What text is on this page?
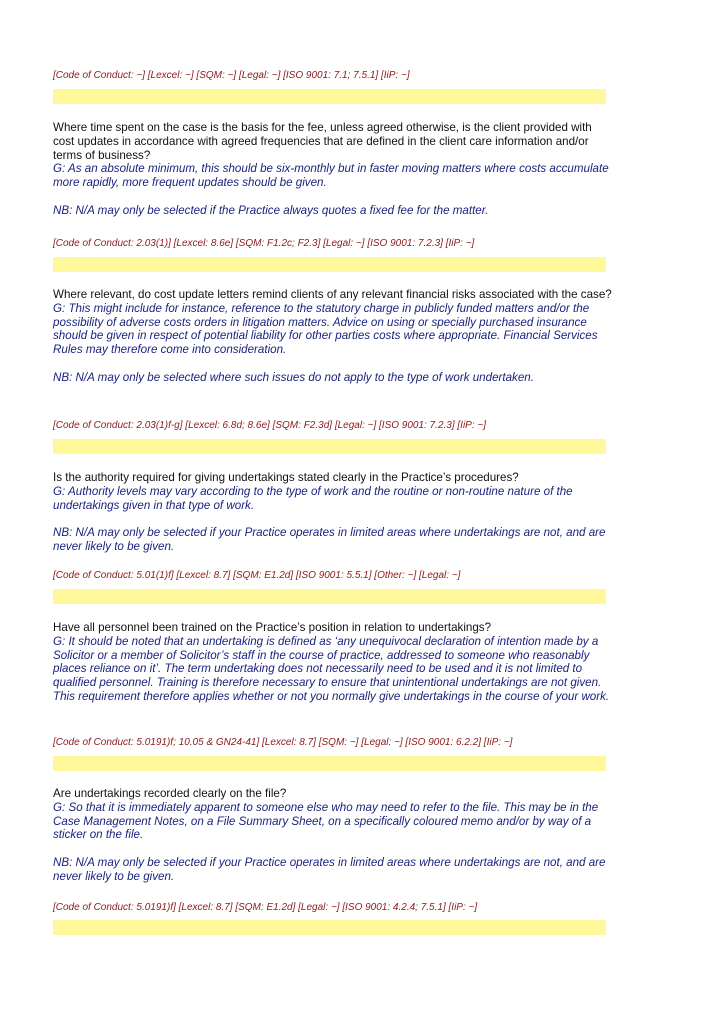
[Code of Conduct: ~] [Lexcel: ~] [SQM: ~] [Legal: ~] [ISO 9001: 7.1; 7.5.1] [IiP: ~]

Where time spent on the case is the basis for the fee, unless agreed otherwise, is the client provided with cost updates in accordance with agreed frequencies that are defined in the client care information and/or terms of business?

G: As an absolute minimum, this should be six-monthly but in faster moving matters where costs accumulate more rapidly, more frequent updates should be given.

NB: N/A may only be selected if the Practice always quotes a fixed fee for the matter.

[Code of Conduct: 2.03(1)] [Lexcel: 8.6e] [SQM: F1.2c; F2.3] [Legal: ~] [ISO 9001: 7.2.3] [IiP: ~]

Where relevant, do cost update letters remind clients of any relevant financial risks associated with the case?

G: This might include for instance, reference to the statutory charge in publicly funded matters and/or the possibility of adverse costs orders in litigation matters. Advice on using or specially purchased insurance should be given in respect of potential liability for other parties costs where appropriate. Financial Services Rules may therefore come into consideration.

NB: N/A may only be selected where such issues do not apply to the type of work undertaken.

[Code of Conduct: 2.03(1)f-g] [Lexcel: 6.8d; 8.6e] [SQM: F2.3d] [Legal: ~] [ISO 9001: 7.2.3] [IiP: ~]

Is the authority required for giving undertakings stated clearly in the Practice’s procedures?

G: Authority levels may vary according to the type of work and the routine or non-routine nature of the undertakings given in that type of work.

NB: N/A may only be selected if your Practice operates in limited areas where undertakings are not, and are never likely to be given.

[Code of Conduct: 5.01(1)f] [Lexcel: 8.7] [SQM: E1.2d] [ISO 9001: 5.5.1] [Other: ~] [Legal: ~]

Have all personnel been trained on the Practice’s position in relation to undertakings?

G: It should be noted that an undertaking is defined as ‘any unequivocal declaration of intention made by a Solicitor or a member of Solicitor’s staff in the course of practice, addressed to someone who reasonably places reliance on it’. The term undertaking does not necessarily need to be used and it is not limited to qualified personnel. Training is therefore necessary to ensure that unintentional undertakings are not given. This requirement therefore applies whether or not you normally give undertakings in the course of your work.

[Code of Conduct: 5.0191)f; 10.05 & GN24-41] [Lexcel: 8.7] [SQM: ~] [Legal: ~] [ISO 9001: 6.2.2] [IiP: ~]

Are undertakings recorded clearly on the file?

G: So that it is immediately apparent to someone else who may need to refer to the file. This may be in the Case Management Notes, on a File Summary Sheet, on a specifically coloured memo and/or by way of a sticker on the file.

NB: N/A may only be selected if your Practice operates in limited areas where undertakings are not, and are never likely to be given.

[Code of Conduct: 5.0191)f] [Lexcel: 8.7] [SQM: E1.2d] [Legal: ~] [ISO 9001: 4.2.4; 7.5.1] [IiP: ~]
